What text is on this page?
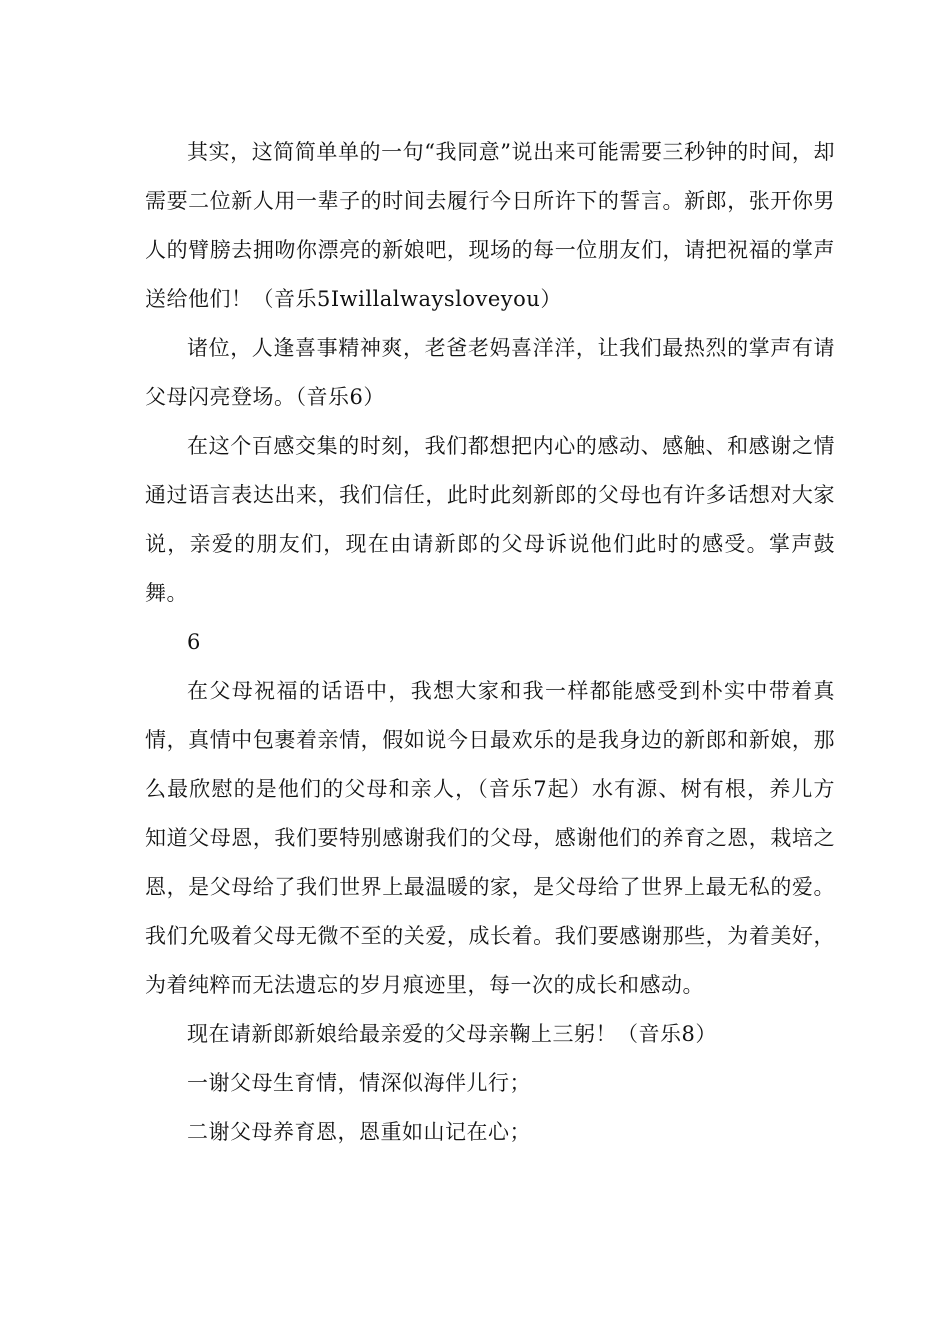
其实，这简简单单的一句“我同意”说出来可能需要三秒钟的时间，却需要二位新人用一辈子的时间去履行今日所许下的誓言。新郎，张开你男人的臂膀去拥吻你漂亮的新娘吧，现场的每一位朋友们，请把祝福的掌声送给他们！（音乐5Iwillalwaysloveyou）

诸位，人逢喜事精神爽，老爸老妈喜洋洋，让我们最热烈的掌声有请父母闪亮登场。（音乐6）

在这个百感交集的时刻，我们都想把内心的感动、感触、和感谢之情通过语言表达出来，我们信任，此时此刻新郎的父母也有许多话想对大家说，亲爱的朋友们，现在由请新郎的父母诉说他们此时的感受。掌声鼓舞。

6

在父母祝福的话语中，我想大家和我一样都能感受到朴实中带着真情，真情中包裹着亲情，假如说今日最欢乐的是我身边的新郎和新娘，那么最欣慰的是他们的父母和亲人，（音乐7起）水有源、树有根，养儿方知道父母恩，我们要特别感谢我们的父母，感谢他们的养育之恩，栽培之恩，是父母给了我们世界上最温暖的家，是父母给了世界上最无私的爱。我们允吸着父母无微不至的关爱，成长着。我们要感谢那些，为着美好，为着纯粹而无法遗忘的岁月痕迹里，每一次的成长和感动。

现在请新郎新娘给最亲爱的父母亲鞠上三躬！（音乐8）

一谢父母生育情，情深似海伴儿行；

二谢父母养育恩，恩重如山记在心；
